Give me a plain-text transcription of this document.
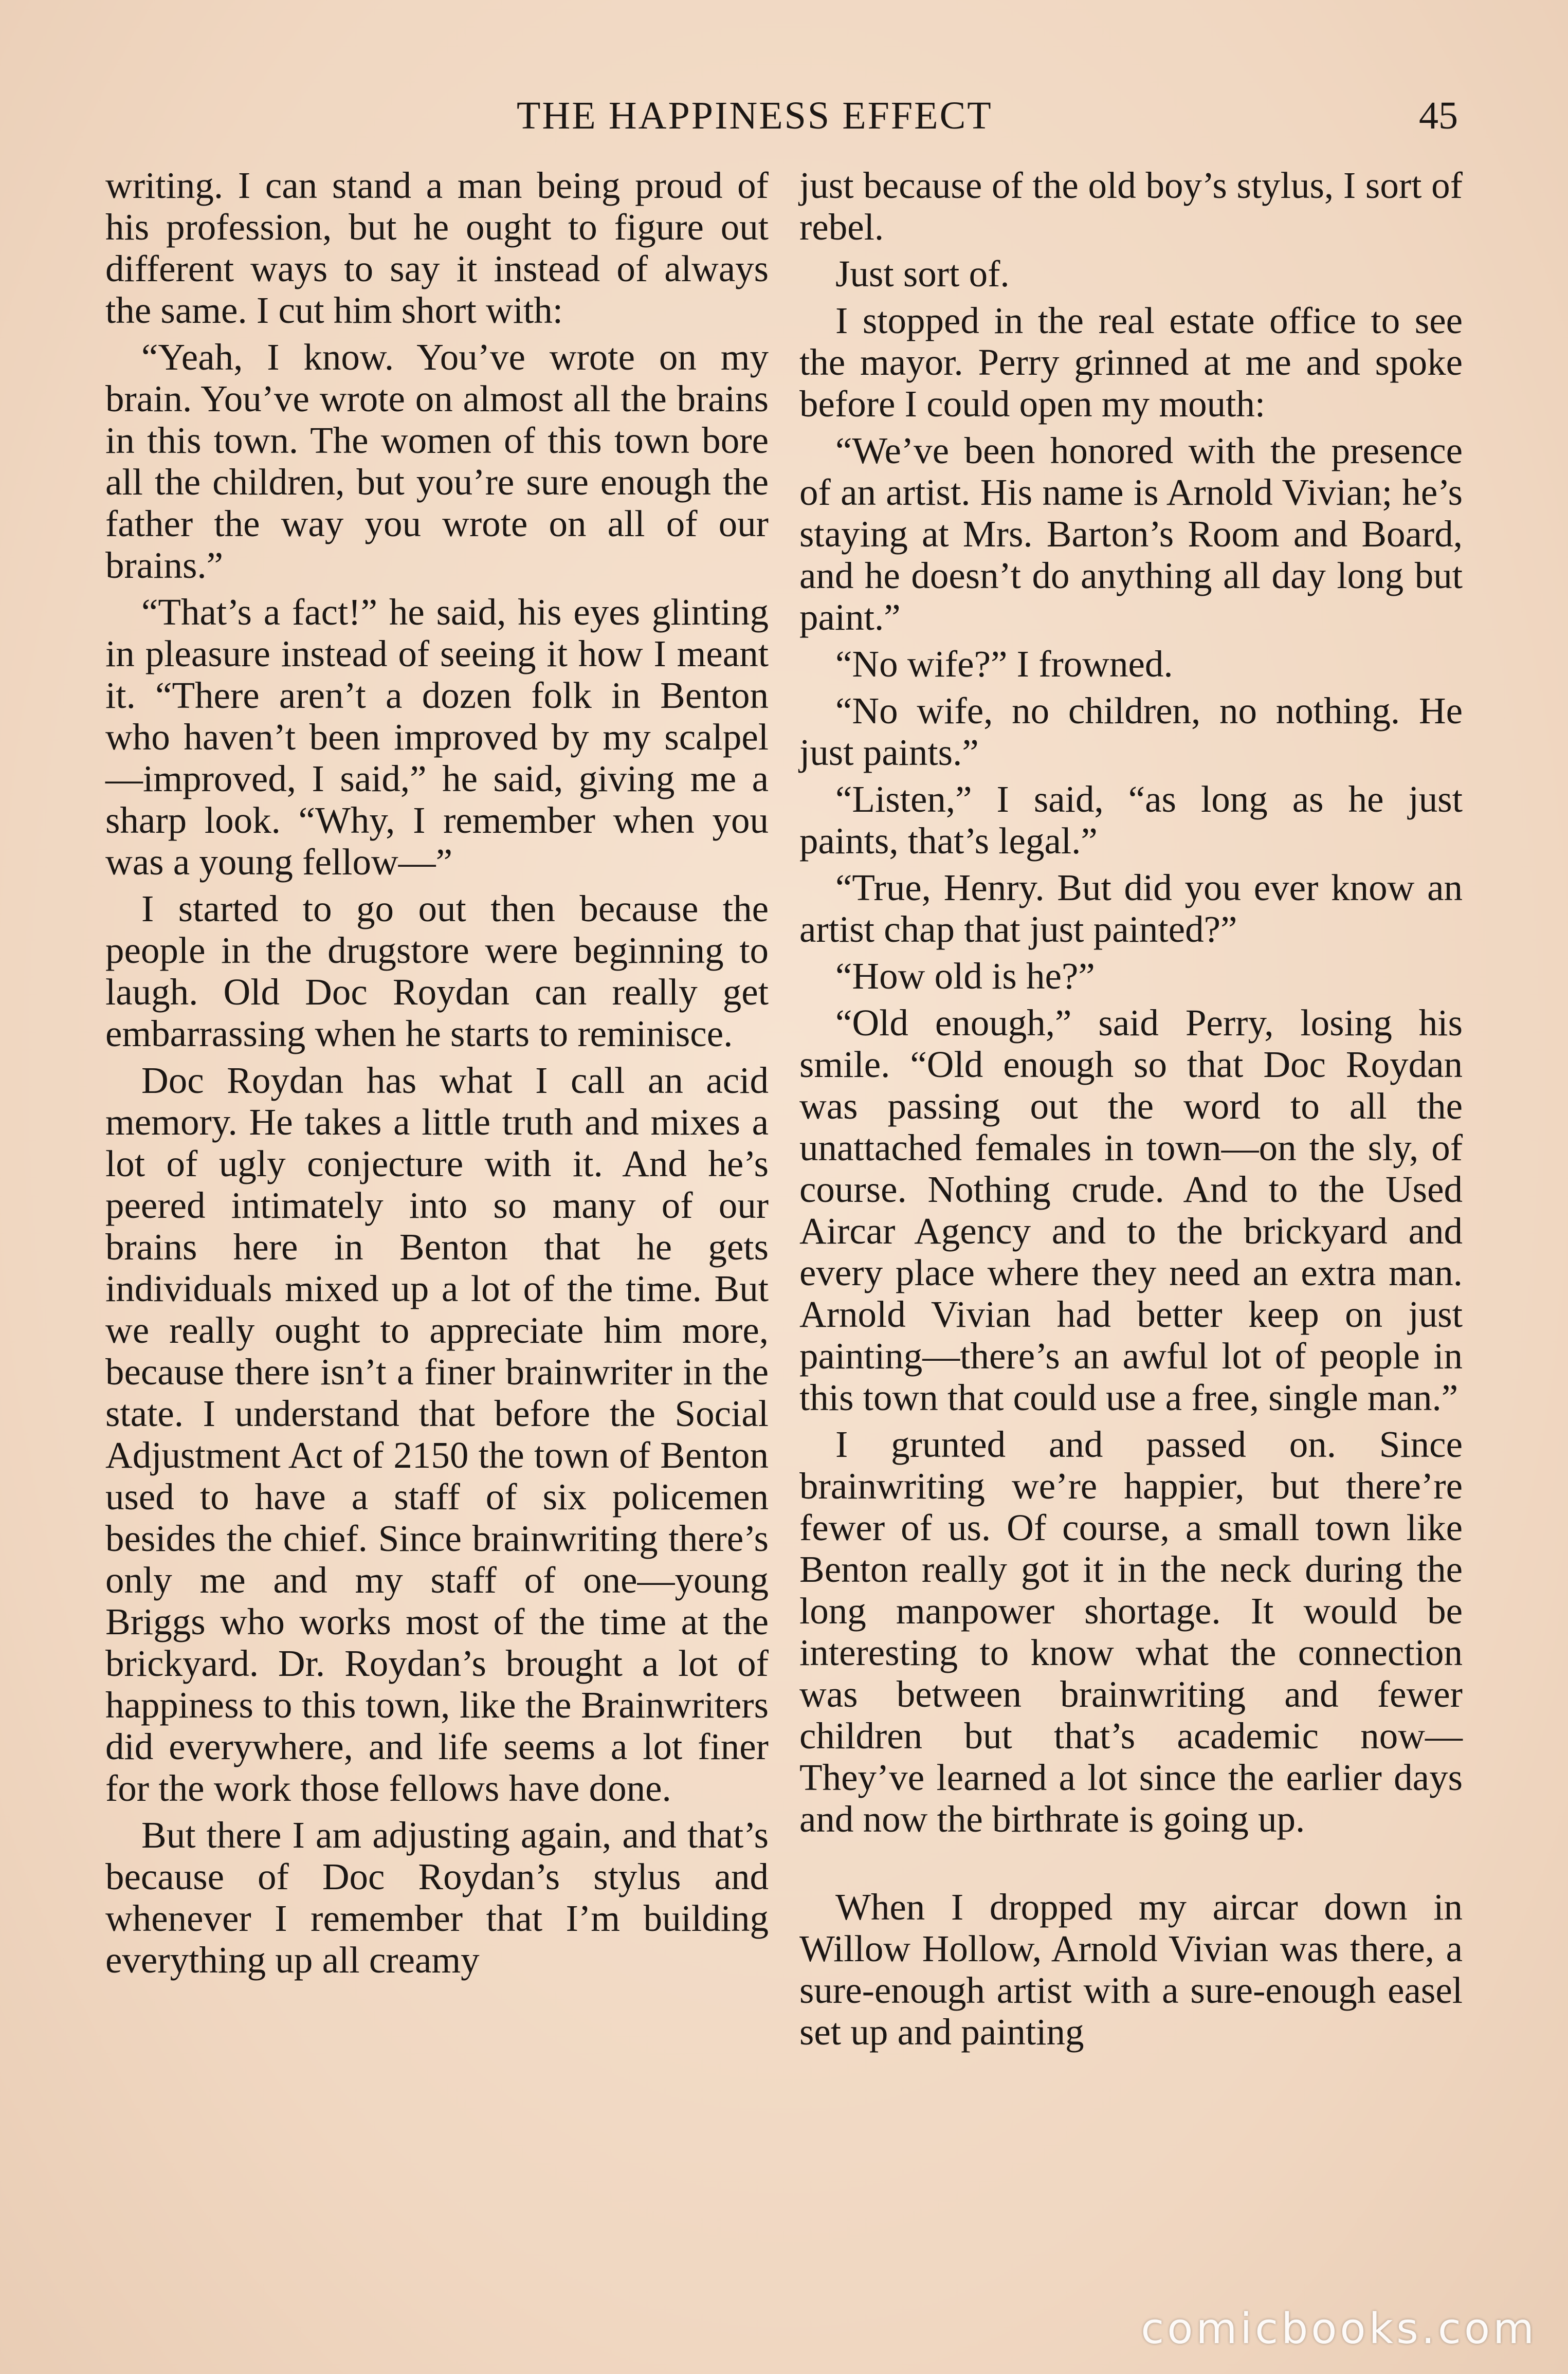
THE HAPPINESS EFFECT	45

writing. I can stand a man being proud of his profession, but he ought to figure out different ways to say it instead of always the same. I cut him short with:

“Yeah, I know. You’ve wrote on my brain. You’ve wrote on almost all the brains in this town. The women of this town bore all the children, but you’re sure enough the father the way you wrote on all of our brains.”

“That’s a fact!” he said, his eyes glinting in pleasure instead of seeing it how I meant it. “There aren’t a dozen folk in Benton who haven’t been improved by my scalpel—improved, I said,” he said, giving me a sharp look. “Why, I remember when you was a young fellow—”

I started to go out then because the people in the drugstore were beginning to laugh. Old Doc Roydan can really get embarrassing when he starts to reminisce.

Doc Roydan has what I call an acid memory. He takes a little truth and mixes a lot of ugly conjecture with it. And he’s peered intimately into so many of our brains here in Benton that he gets individuals mixed up a lot of the time. But we really ought to appreciate him more, because there isn’t a finer brainwriter in the state. I understand that before the Social Adjustment Act of 2150 the town of Benton used to have a staff of six policemen besides the chief. Since brainwriting there’s only me and my staff of one—young Briggs who works most of the time at the brickyard. Dr. Roydan’s brought a lot of happiness to this town, like the Brainwriters did everywhere, and life seems a lot finer for the work those fellows have done.

But there I am adjusting again, and that’s because of Doc Roydan’s stylus and whenever I remember that I’m building everything up all creamy

just because of the old boy’s stylus, I sort of rebel.

Just sort of.

I stopped in the real estate office to see the mayor. Perry grinned at me and spoke before I could open my mouth:

“We’ve been honored with the presence of an artist. His name is Arnold Vivian; he’s staying at Mrs. Barton’s Room and Board, and he doesn’t do anything all day long but paint.”

“No wife?” I frowned.

“No wife, no children, no nothing. He just paints.”

“Listen,” I said, “as long as he just paints, that’s legal.”

“True, Henry. But did you ever know an artist chap that just painted?”

“How old is he?”

“Old enough,” said Perry, losing his smile. “Old enough so that Doc Roydan was passing out the word to all the unattached females in town—on the sly, of course. Nothing crude. And to the Used Aircar Agency and to the brickyard and every place where they need an extra man. Arnold Vivian had better keep on just painting—there’s an awful lot of people in this town that could use a free, single man.”

I grunted and passed on. Since brainwriting we’re happier, but there’re fewer of us. Of course, a small town like Benton really got it in the neck during the long manpower shortage. It would be interesting to know what the connection was between brainwriting and fewer children but that’s academic now— They’ve learned a lot since the earlier days and now the birthrate is going up.

When I dropped my aircar down in Willow Hollow, Arnold Vivian was there, a sure-enough artist with a sure-enough easel set up and painting

comicbooks.com
